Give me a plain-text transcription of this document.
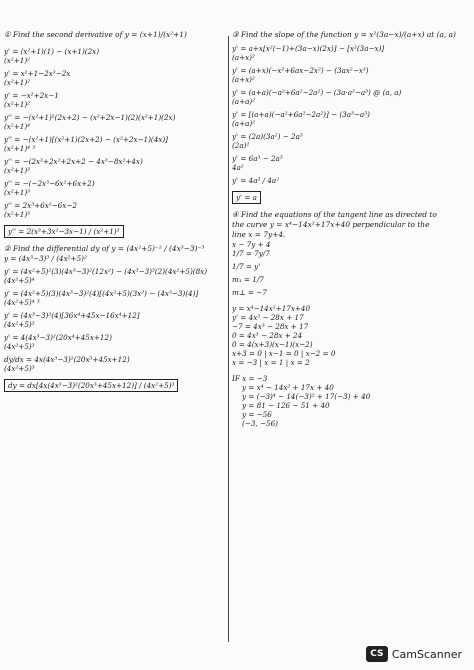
① Find the second derivative of y = (x+1)/(x²+1)
y' = (x²+1)(1) − (x+1)(2x)
(x²+1)²
y' = x²+1−2x²−2x
(x²+1)²
y' = −x²+2x−1
(x²+1)²
y'' = −(x²+1)²(2x+2) − (x²+2x−1)(2)(x²+1)(2x)
(x²+1)⁴
y'' = −(x²+1)[(x²+1)(2x+2) − (x²+2x−1)(4x)]
(x²+1)⁴ ³
y'' = −(2x³+2x²+2x+2 − 4x³−8x²+4x)
(x²+1)³
y'' = −(−2x³−6x²+6x+2)
(x²+1)³
y'' = 2x³+6x²−6x−2
(x²+1)³
y'' = 2(x³+3x²−3x−1) / (x²+1)³
② Find the differential dy of y = (4x²+5)⁻² / (4x³−3)⁻³
y = (4x³−3)³ / (4x²+5)²
y' = (4x²+5)²(3)(4x³−3)²(12x²) − (4x³−3)³(2)(4x²+5)(8x)
(4x²+5)⁴
y' = (4x²+5)(3)(4x³−3)²(4)[(4x²+5)(3x²) − (4x³−3)(4)]
(4x²+5)⁴ ³
y' = (4x³−3)²(4)[36x⁴+45x−16x⁴+12]
(4x²+5)³
y' = 4(4x³−3)²(20x⁴+45x+12)
(4x²+5)³
dy/dx = 4x(4x³−3)²(20x³+45x+12)
(4x²+5)³
dy = dx[4x(4x³−3)²(20x³+45x+12)] / (4x²+5)³
③ Find the slope of the function y = x²(3a−x)/(a+x) at (a, a)
y' = a+x[x²(−1)+(3a−x)(2x)] − [x²(3a−x)]
(a+x)²
y' = (a+x)(−x²+6ax−2x²) − (3ax²−x³)
(a+x)²
y' = (a+a)(−a²+6a²−2a²) − (3a·a²−a³) @ (a, a)
(a+a)²
y' = [(a+a)(−a²+6a²−2a²)] − (3a³−a³)
(a+a)²
y' = (2a)(3a²) − 2a³
(2a)²
y' = 6a³ − 2a³
4a²
y' = 4a³ / 4a²
y' = a
④ Find the equations of the tangent line as directed to
the curve y = x⁴−14x²+17x+40 perpendicular to the
line x = 7y+4.
x − 7y + 4
1/7 = 7y/7
1/7 = y'
m₁ = 1/7
m⊥ = −7
y = x⁴−14x²+17x+40
y' = 4x³ − 28x + 17
−7 = 4x³ − 28x + 17
0 = 4x³ − 28x + 24
0 = 4(x+3)(x−1)(x−2)
x+3 = 0 | x−1 = 0 | x−2 = 0
x = −3 | x = 1 | x = 2
IF x = −3
y = x⁴ − 14x² + 17x + 40
y = (−3)⁴ − 14(−3)² + 17(−3) + 40
y = 81 − 126 − 51 + 40
y = −56
(−3, −56)
CS CamScanner
